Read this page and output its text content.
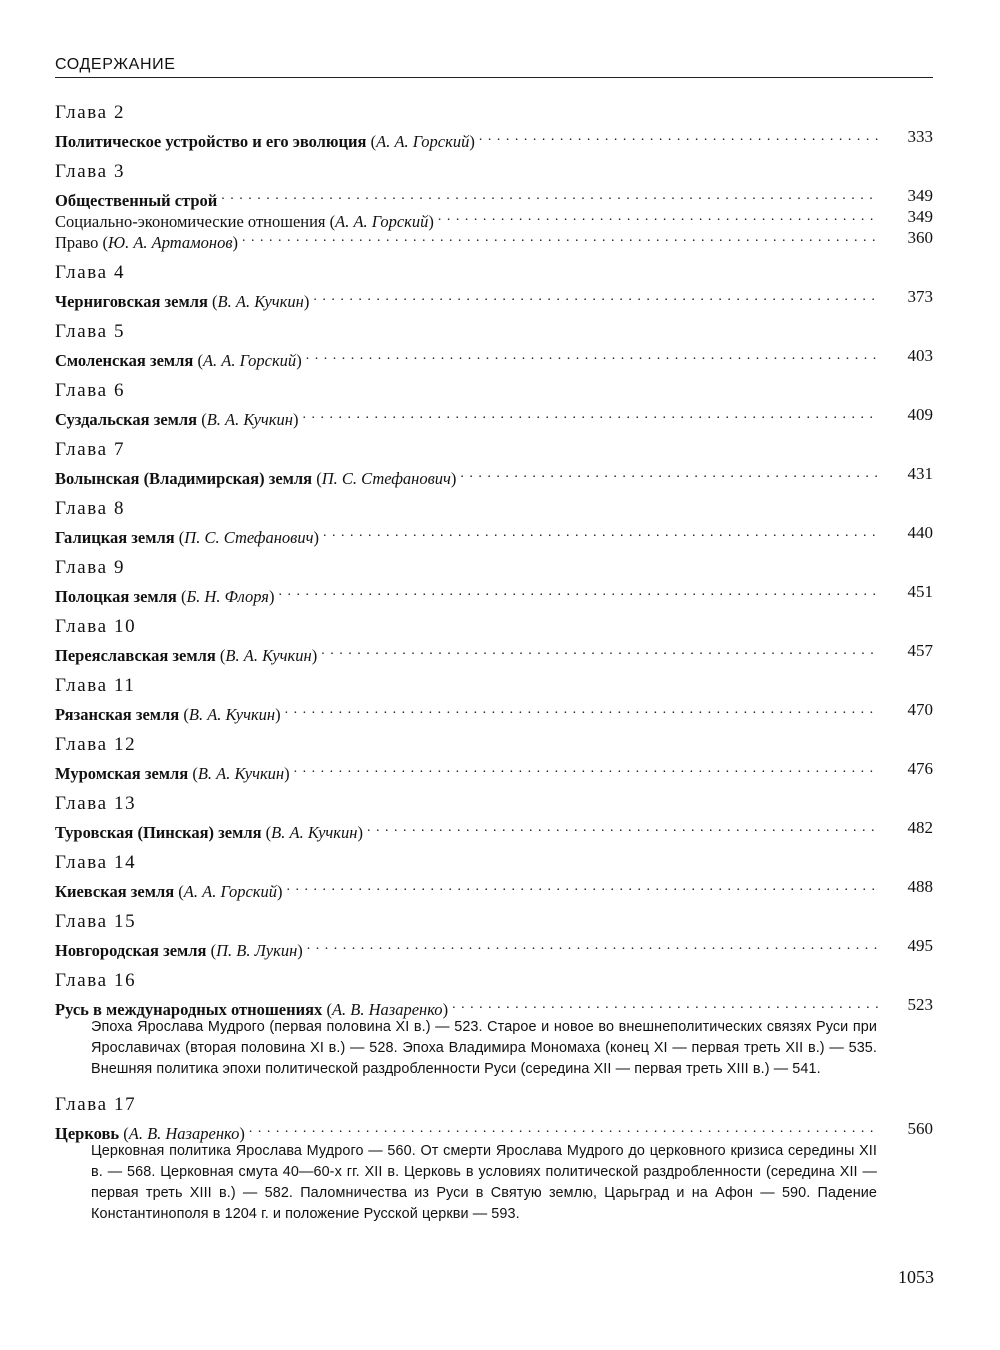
СОДЕРЖАНИЕ
Глава 2
Политическое устройство и его эволюция (А. А. Горский) . . .	333
Глава 3
Общественный строй . . .	349
Социально-экономические отношения (А. А. Горский) . . .	349
Право (Ю. А. Артамонов) . . .	360
Глава 4
Черниговская земля (В. А. Кучкин) . . .	373
Глава 5
Смоленская земля (А. А. Горский) . . .	403
Глава 6
Суздальская земля (В. А. Кучкин) . . .	409
Глава 7
Волынская (Владимирская) земля (П. С. Стефанович) . . .	431
Глава 8
Галицкая земля (П. С. Стефанович) . . .	440
Глава 9
Полоцкая земля (Б. Н. Флоря) . . .	451
Глава 10
Переяславская земля (В. А. Кучкин) . . .	457
Глава 11
Рязанская земля (В. А. Кучкин) . . .	470
Глава 12
Муромская земля (В. А. Кучкин) . . .	476
Глава 13
Туровская (Пинская) земля (В. А. Кучкин) . . .	482
Глава 14
Киевская земля (А. А. Горский) . . .	488
Глава 15
Новгородская земля (П. В. Лукин) . . .	495
Глава 16
Русь в международных отношениях (А. В. Назаренко) . . .	523
Эпоха Ярослава Мудрого (первая половина XI в.) — 523. Старое и новое во внешнеполитических связях Руси при Ярославичах (вторая половина XI в.) — 528. Эпоха Владимира Мономаха (конец XI — первая треть XII в.) — 535. Внешняя политика эпохи политической раздробленности Руси (середина XII — первая треть XIII в.) — 541.
Глава 17
Церковь (А. В. Назаренко) . . .	560
Церковная политика Ярослава Мудрого — 560. От смерти Ярослава Мудрого до церковного кризиса середины XII в. — 568. Церковная смута 40—60-х гг. XII в. Церковь в условиях политической раздробленности (середина XII — первая треть XIII в.) — 582. Паломничества из Руси в Святую землю, Царьград и на Афон — 590. Падение Константинополя в 1204 г. и положение Русской церкви — 593.
1053
